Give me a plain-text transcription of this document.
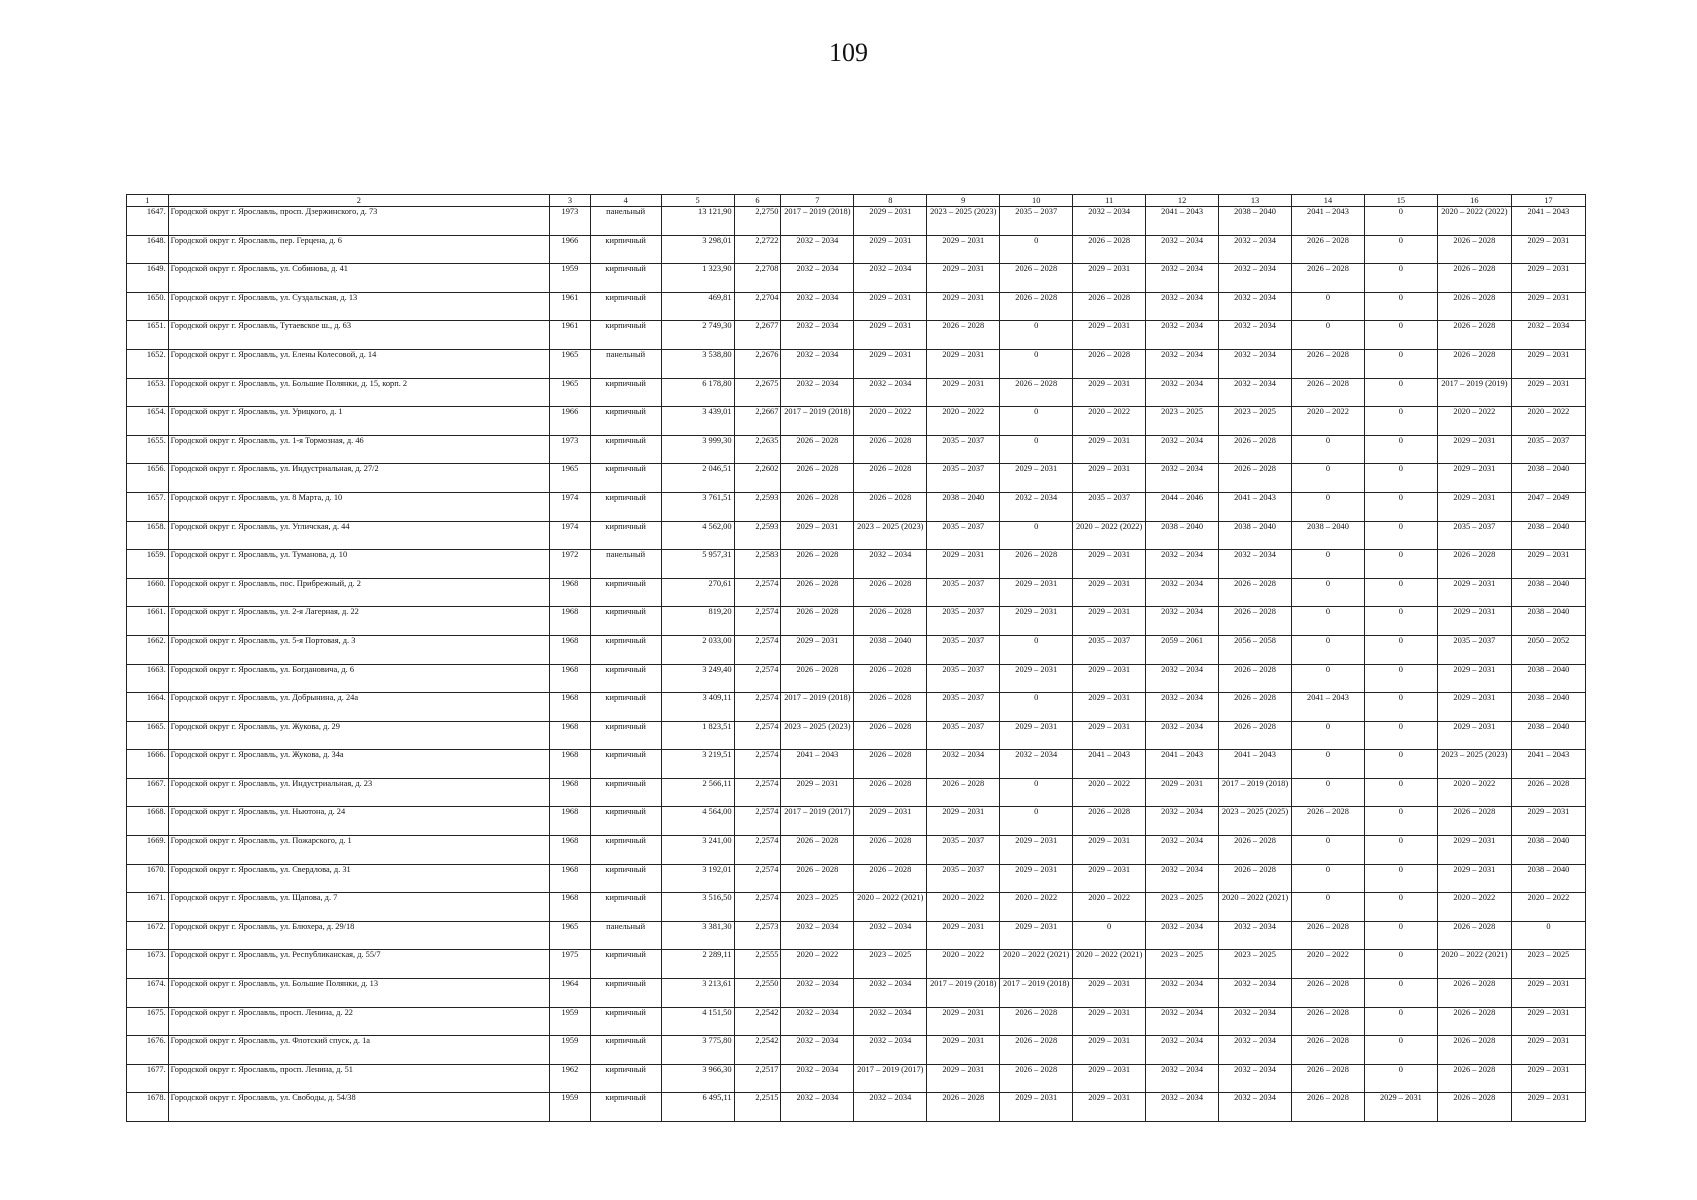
109
1	2	3	4	5	6	7	8	9	10	11	12	13	14	15	16	17
1647.	Городской округ г. Ярославль, просп. Дзержинского, д. 73	1973	панельный	13 121,90	2,2750	2017 – 2019 (2018)	2029 – 2031	2023 – 2025 (2023)	2035 – 2037	2032 – 2034	2041 – 2043	2038 – 2040	2041 – 2043	0	2020 – 2022 (2022)	2041 – 2043
1648.	Городской округ г. Ярославль, пер. Герцена, д. 6	1966	кирпичный	3 298,01	2,2722	2032 – 2034	2029 – 2031	2029 – 2031	0	2026 – 2028	2032 – 2034	2032 – 2034	2026 – 2028	0	2026 – 2028	2029 – 2031
1649.	Городской округ г. Ярославль, ул. Собинова, д. 41	1959	кирпичный	1 323,90	2,2708	2032 – 2034	2032 – 2034	2029 – 2031	2026 – 2028	2029 – 2031	2032 – 2034	2032 – 2034	2026 – 2028	0	2026 – 2028	2029 – 2031
1650.	Городской округ г. Ярославль, ул. Суздальская, д. 13	1961	кирпичный	469,81	2,2704	2032 – 2034	2029 – 2031	2029 – 2031	2026 – 2028	2026 – 2028	2032 – 2034	2032 – 2034	0	0	2026 – 2028	2029 – 2031
1651.	Городской округ г. Ярославль, Тутаевское ш., д. 63	1961	кирпичный	2 749,30	2,2677	2032 – 2034	2029 – 2031	2026 – 2028	0	2029 – 2031	2032 – 2034	2032 – 2034	0	0	2026 – 2028	2032 – 2034
1652.	Городской округ г. Ярославль, ул. Елены Колесовой, д. 14	1965	панельный	3 538,80	2,2676	2032 – 2034	2029 – 2031	2029 – 2031	0	2026 – 2028	2032 – 2034	2032 – 2034	2026 – 2028	0	2026 – 2028	2029 – 2031
1653.	Городской округ г. Ярославль, ул. Большие Полянки, д. 15, корп. 2	1965	кирпичный	6 178,80	2,2675	2032 – 2034	2032 – 2034	2029 – 2031	2026 – 2028	2029 – 2031	2032 – 2034	2032 – 2034	2026 – 2028	0	2017 – 2019 (2019)	2029 – 2031
1654.	Городской округ г. Ярославль, ул. Урицкого, д. 1	1966	кирпичный	3 439,01	2,2667	2017 – 2019 (2018)	2020 – 2022	2020 – 2022	0	2020 – 2022	2023 – 2025	2023 – 2025	2020 – 2022	0	2020 – 2022	2020 – 2022
1655.	Городской округ г. Ярославль, ул. 1-я Тормозная, д. 46	1973	кирпичный	3 999,30	2,2635	2026 – 2028	2026 – 2028	2035 – 2037	0	2029 – 2031	2032 – 2034	2026 – 2028	0	0	2029 – 2031	2035 – 2037
1656.	Городской округ г. Ярославль, ул. Индустриальная, д. 27/2	1965	кирпичный	2 046,51	2,2602	2026 – 2028	2026 – 2028	2035 – 2037	2029 – 2031	2029 – 2031	2032 – 2034	2026 – 2028	0	0	2029 – 2031	2038 – 2040
1657.	Городской округ г. Ярославль, ул. 8 Марта, д. 10	1974	кирпичный	3 761,51	2,2593	2026 – 2028	2026 – 2028	2038 – 2040	2032 – 2034	2035 – 2037	2044 – 2046	2041 – 2043	0	0	2029 – 2031	2047 – 2049
1658.	Городской округ г. Ярославль, ул. Угличская, д. 44	1974	кирпичный	4 562,00	2,2593	2029 – 2031	2023 – 2025 (2023)	2035 – 2037	0	2020 – 2022 (2022)	2038 – 2040	2038 – 2040	2038 – 2040	0	2035 – 2037	2038 – 2040
1659.	Городской округ г. Ярославль, ул. Туманова, д. 10	1972	панельный	5 957,31	2,2583	2026 – 2028	2032 – 2034	2029 – 2031	2026 – 2028	2029 – 2031	2032 – 2034	2032 – 2034	0	0	2026 – 2028	2029 – 2031
1660.	Городской округ г. Ярославль, пос. Прибрежный, д. 2	1968	кирпичный	270,61	2,2574	2026 – 2028	2026 – 2028	2035 – 2037	2029 – 2031	2029 – 2031	2032 – 2034	2026 – 2028	0	0	2029 – 2031	2038 – 2040
1661.	Городской округ г. Ярославль, ул. 2-я Лагерная, д. 22	1968	кирпичный	819,20	2,2574	2026 – 2028	2026 – 2028	2035 – 2037	2029 – 2031	2029 – 2031	2032 – 2034	2026 – 2028	0	0	2029 – 2031	2038 – 2040
1662.	Городской округ г. Ярославль, ул. 5-я Портовая, д. 3	1968	кирпичный	2 033,00	2,2574	2029 – 2031	2038 – 2040	2035 – 2037	0	2035 – 2037	2059 – 2061	2056 – 2058	0	0	2035 – 2037	2050 – 2052
1663.	Городской округ г. Ярославль, ул. Богдановича, д. 6	1968	кирпичный	3 249,40	2,2574	2026 – 2028	2026 – 2028	2035 – 2037	2029 – 2031	2029 – 2031	2032 – 2034	2026 – 2028	0	0	2029 – 2031	2038 – 2040
1664.	Городской округ г. Ярославль, ул. Добрынина, д. 24а	1968	кирпичный	3 409,11	2,2574	2017 – 2019 (2018)	2026 – 2028	2035 – 2037	0	2029 – 2031	2032 – 2034	2026 – 2028	2041 – 2043	0	2029 – 2031	2038 – 2040
1665.	Городской округ г. Ярославль, ул. Жукова, д. 29	1968	кирпичный	1 823,51	2,2574	2023 – 2025 (2023)	2026 – 2028	2035 – 2037	2029 – 2031	2029 – 2031	2032 – 2034	2026 – 2028	0	0	2029 – 2031	2038 – 2040
1666.	Городской округ г. Ярославль, ул. Жукова, д. 34а	1968	кирпичный	3 219,51	2,2574	2041 – 2043	2026 – 2028	2032 – 2034	2032 – 2034	2041 – 2043	2041 – 2043	2041 – 2043	0	0	2023 – 2025 (2023)	2041 – 2043
1667.	Городской округ г. Ярославль, ул. Индустриальная, д. 23	1968	кирпичный	2 566,11	2,2574	2029 – 2031	2026 – 2028	2026 – 2028	0	2020 – 2022	2029 – 2031	2017 – 2019 (2018)	0	0	2020 – 2022	2026 – 2028
1668.	Городской округ г. Ярославль, ул. Ньютона, д. 24	1968	кирпичный	4 564,00	2,2574	2017 – 2019 (2017)	2029 – 2031	2029 – 2031	0	2026 – 2028	2032 – 2034	2023 – 2025 (2025)	2026 – 2028	0	2026 – 2028	2029 – 2031
1669.	Городской округ г. Ярославль, ул. Пожарского, д. 1	1968	кирпичный	3 241,00	2,2574	2026 – 2028	2026 – 2028	2035 – 2037	2029 – 2031	2029 – 2031	2032 – 2034	2026 – 2028	0	0	2029 – 2031	2038 – 2040
1670.	Городской округ г. Ярославль, ул. Свердлова, д. 31	1968	кирпичный	3 192,01	2,2574	2026 – 2028	2026 – 2028	2035 – 2037	2029 – 2031	2029 – 2031	2032 – 2034	2026 – 2028	0	0	2029 – 2031	2038 – 2040
1671.	Городской округ г. Ярославль, ул. Щапова, д. 7	1968	кирпичный	3 516,50	2,2574	2023 – 2025	2020 – 2022 (2021)	2020 – 2022	2020 – 2022	2020 – 2022	2023 – 2025	2020 – 2022 (2021)	0	0	2020 – 2022	2020 – 2022
1672.	Городской округ г. Ярославль, ул. Блюхера, д. 29/18	1965	панельный	3 381,30	2,2573	2032 – 2034	2032 – 2034	2029 – 2031	2029 – 2031	0	2032 – 2034	2032 – 2034	2026 – 2028	0	2026 – 2028	0
1673.	Городской округ г. Ярославль, ул. Республиканская, д. 55/7	1975	кирпичный	2 289,11	2,2555	2020 – 2022	2023 – 2025	2020 – 2022	2020 – 2022 (2021)	2020 – 2022 (2021)	2023 – 2025	2023 – 2025	2020 – 2022	0	2020 – 2022 (2021)	2023 – 2025
1674.	Городской округ г. Ярославль, ул. Большие Полянки, д. 13	1964	кирпичный	3 213,61	2,2550	2032 – 2034	2032 – 2034	2017 – 2019 (2018)	2017 – 2019 (2018)	2029 – 2031	2032 – 2034	2032 – 2034	2026 – 2028	0	2026 – 2028	2029 – 2031
1675.	Городской округ г. Ярославль, просп. Ленина, д. 22	1959	кирпичный	4 151,50	2,2542	2032 – 2034	2032 – 2034	2029 – 2031	2026 – 2028	2029 – 2031	2032 – 2034	2032 – 2034	2026 – 2028	0	2026 – 2028	2029 – 2031
1676.	Городской округ г. Ярославль, ул. Флотский спуск, д. 1а	1959	кирпичный	3 775,80	2,2542	2032 – 2034	2032 – 2034	2029 – 2031	2026 – 2028	2029 – 2031	2032 – 2034	2032 – 2034	2026 – 2028	0	2026 – 2028	2029 – 2031
1677.	Городской округ г. Ярославль, просп. Ленина, д. 51	1962	кирпичный	3 966,30	2,2517	2032 – 2034	2017 – 2019 (2017)	2029 – 2031	2026 – 2028	2029 – 2031	2032 – 2034	2032 – 2034	2026 – 2028	0	2026 – 2028	2029 – 2031
1678.	Городской округ г. Ярославль, ул. Свободы, д. 54/38	1959	кирпичный	6 495,11	2,2515	2032 – 2034	2032 – 2034	2026 – 2028	2029 – 2031	2029 – 2031	2032 – 2034	2032 – 2034	2026 – 2028	2029 – 2031	2026 – 2028	2029 – 2031
